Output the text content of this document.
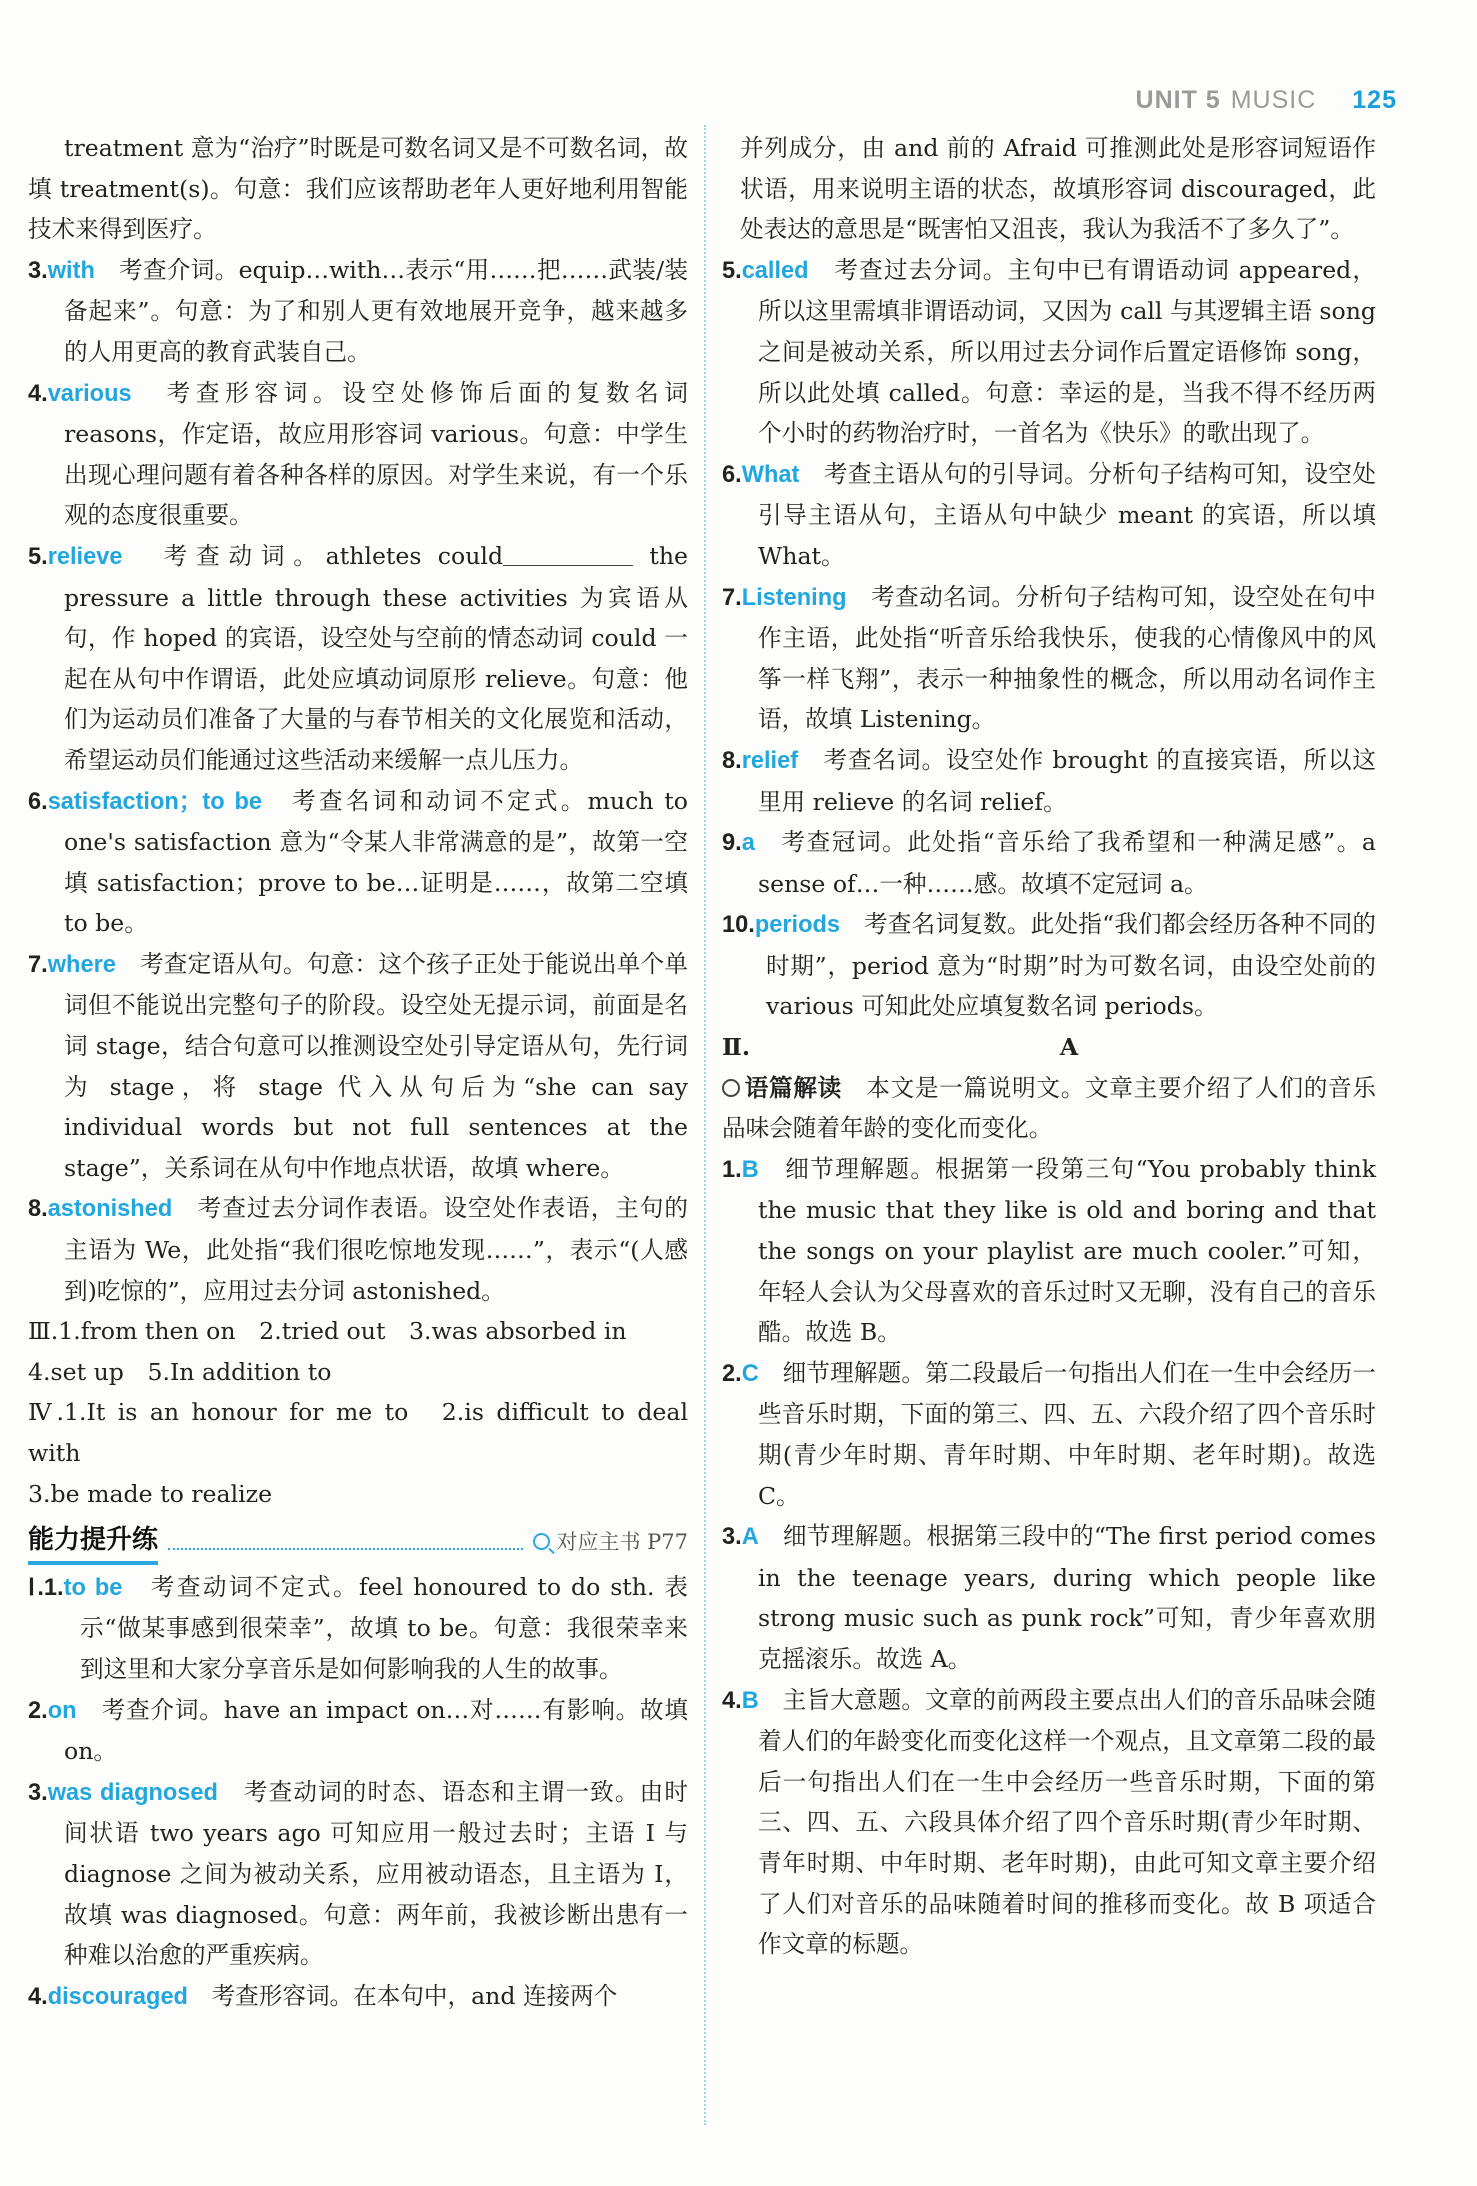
UNIT 5 MUSIC 125

treatment 意为“治疗”时既是可数名词又是不可数名词，故填 treatment(s)。句意：我们应该帮助老年人更好地利用智能技术来得到医疗。

3.with　考查介词。equip…with…表示“用……把……武装/装备起来”。句意：为了和别人更有效地展开竞争，越来越多的人用更高的教育武装自己。

4.various　考查形容词。设空处修饰后面的复数名词 reasons，作定语，故应用形容词 various。句意：中学生出现心理问题有着各种各样的原因。对学生来说，有一个乐观的态度很重要。

5.relieve　考查动词。athletes could	the pressure a little through these activities 为宾语从句，作 hoped 的宾语，设空处与空前的情态动词 could 一起在从句中作谓语，此处应填动词原形 relieve。句意：他们为运动员们准备了大量的与春节相关的文化展览和活动，希望运动员们能通过这些活动来缓解一点儿压力。

6.satisfaction；to be　考查名词和动词不定式。much to one's satisfaction 意为“令某人非常满意的是”，故第一空填 satisfaction；prove to be…证明是……，故第二空填 to be。

7.where　考查定语从句。句意：这个孩子正处于能说出单个单词但不能说出完整句子的阶段。设空处无提示词，前面是名词 stage，结合句意可以推测设空处引导定语从句，先行词为 stage，将 stage 代入从句后为“she can say individual words but not full sentences at the stage”，关系词在从句中作地点状语，故填 where。

8.astonished　考查过去分词作表语。设空处作表语，主句的主语为 We，此处指“我们很吃惊地发现……”，表示“(人感到)吃惊的”，应用过去分词 astonished。

Ⅲ.1.from then on　2.tried out　3.was absorbed in

4.set up　5.In addition to

Ⅳ.1.It is an honour for me to　2.is difficult to deal with

3.be made to realize

能力提升练	对应主书 P77

Ⅰ.1.to be　考查动词不定式。feel honoured to do sth. 表示“做某事感到很荣幸”，故填 to be。句意：我很荣幸来到这里和大家分享音乐是如何影响我的人生的故事。

2.on　考查介词。have an impact on…对……有影响。故填 on。

3.was diagnosed　考查动词的时态、语态和主谓一致。由时间状语 two years ago 可知应用一般过去时；主语 I 与 diagnose 之间为被动关系，应用被动语态，且主语为 I，故填 was diagnosed。句意：两年前，我被诊断出患有一种难以治愈的严重疾病。

4.discouraged　考查形容词。在本句中，and 连接两个

并列成分，由 and 前的 Afraid 可推测此处是形容词短语作状语，用来说明主语的状态，故填形容词 discouraged，此处表达的意思是“既害怕又沮丧，我认为我活不了多久了”。

5.called　考查过去分词。主句中已有谓语动词 appeared，所以这里需填非谓语动词，又因为 call 与其逻辑主语 song 之间是被动关系，所以用过去分词作后置定语修饰 song，所以此处填 called。句意：幸运的是，当我不得不经历两个小时的药物治疗时，一首名为《快乐》的歌出现了。

6.What　考查主语从句的引导词。分析句子结构可知，设空处引导主语从句，主语从句中缺少 meant 的宾语，所以填 What。

7.Listening　考查动名词。分析句子结构可知，设空处在句中作主语，此处指“听音乐给我快乐，使我的心情像风中的风筝一样飞翔”，表示一种抽象性的概念，所以用动名词作主语，故填 Listening。

8.relief　考查名词。设空处作 brought 的直接宾语，所以这里用 relieve 的名词 relief。

9.a　考查冠词。此处指“音乐给了我希望和一种满足感”。a sense of…一种……感。故填不定冠词 a。

10.periods　考查名词复数。此处指“我们都会经历各种不同的时期”，period 意为“时期”时为可数名词，由设空处前的 various 可知此处应填复数名词 periods。

Ⅱ.	A

语篇解读　本文是一篇说明文。文章主要介绍了人们的音乐品味会随着年龄的变化而变化。

1.B　细节理解题。根据第一段第三句“You probably think the music that they like is old and boring and that the songs on your playlist are much cooler.”可知，年轻人会认为父母喜欢的音乐过时又无聊，没有自己的音乐酷。故选 B。

2.C　细节理解题。第二段最后一句指出人们在一生中会经历一些音乐时期，下面的第三、四、五、六段介绍了四个音乐时期(青少年时期、青年时期、中年时期、老年时期)。故选 C。

3.A　细节理解题。根据第三段中的“The first period comes in the teenage years, during which people like strong music such as punk rock”可知，青少年喜欢朋克摇滚乐。故选 A。

4.B　主旨大意题。文章的前两段主要点出人们的音乐品味会随着人们的年龄变化而变化这样一个观点，且文章第二段的最后一句指出人们在一生中会经历一些音乐时期，下面的第三、四、五、六段具体介绍了四个音乐时期(青少年时期、青年时期、中年时期、老年时期)，由此可知文章主要介绍了人们对音乐的品味随着时间的推移而变化。故 B 项适合作文章的标题。
